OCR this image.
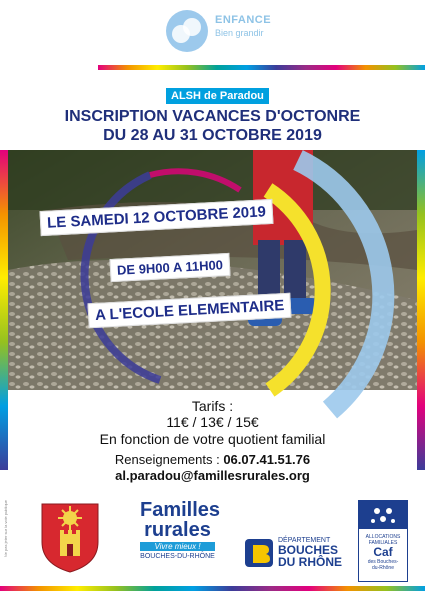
ENFANCE
Bien grandir
ALSH de Paradou
INSCRIPTION VACANCES D'OCTONRE
DU 28 AU 31 OCTOBRE 2019
LE SAMEDI 12 OCTOBRE 2019
DE 9H00 A 11H00
A L'ECOLE ELEMENTAIRE
Tarifs :
11€ / 13€ / 15€
En fonction de votre quotient familial
Renseignements : 06.07.41.51.76
al.paradou@famillesrurales.org
Ne pas jeter sur la voie publique	Familles
rurales
Vivre mieux !
BOUCHES-DU-RHÔNE
DÉPARTEMENT
BOUCHES
DU RHÔNE
ALLOCATIONS
FAMILIALES
Caf
des Bouches-
du-Rhône
